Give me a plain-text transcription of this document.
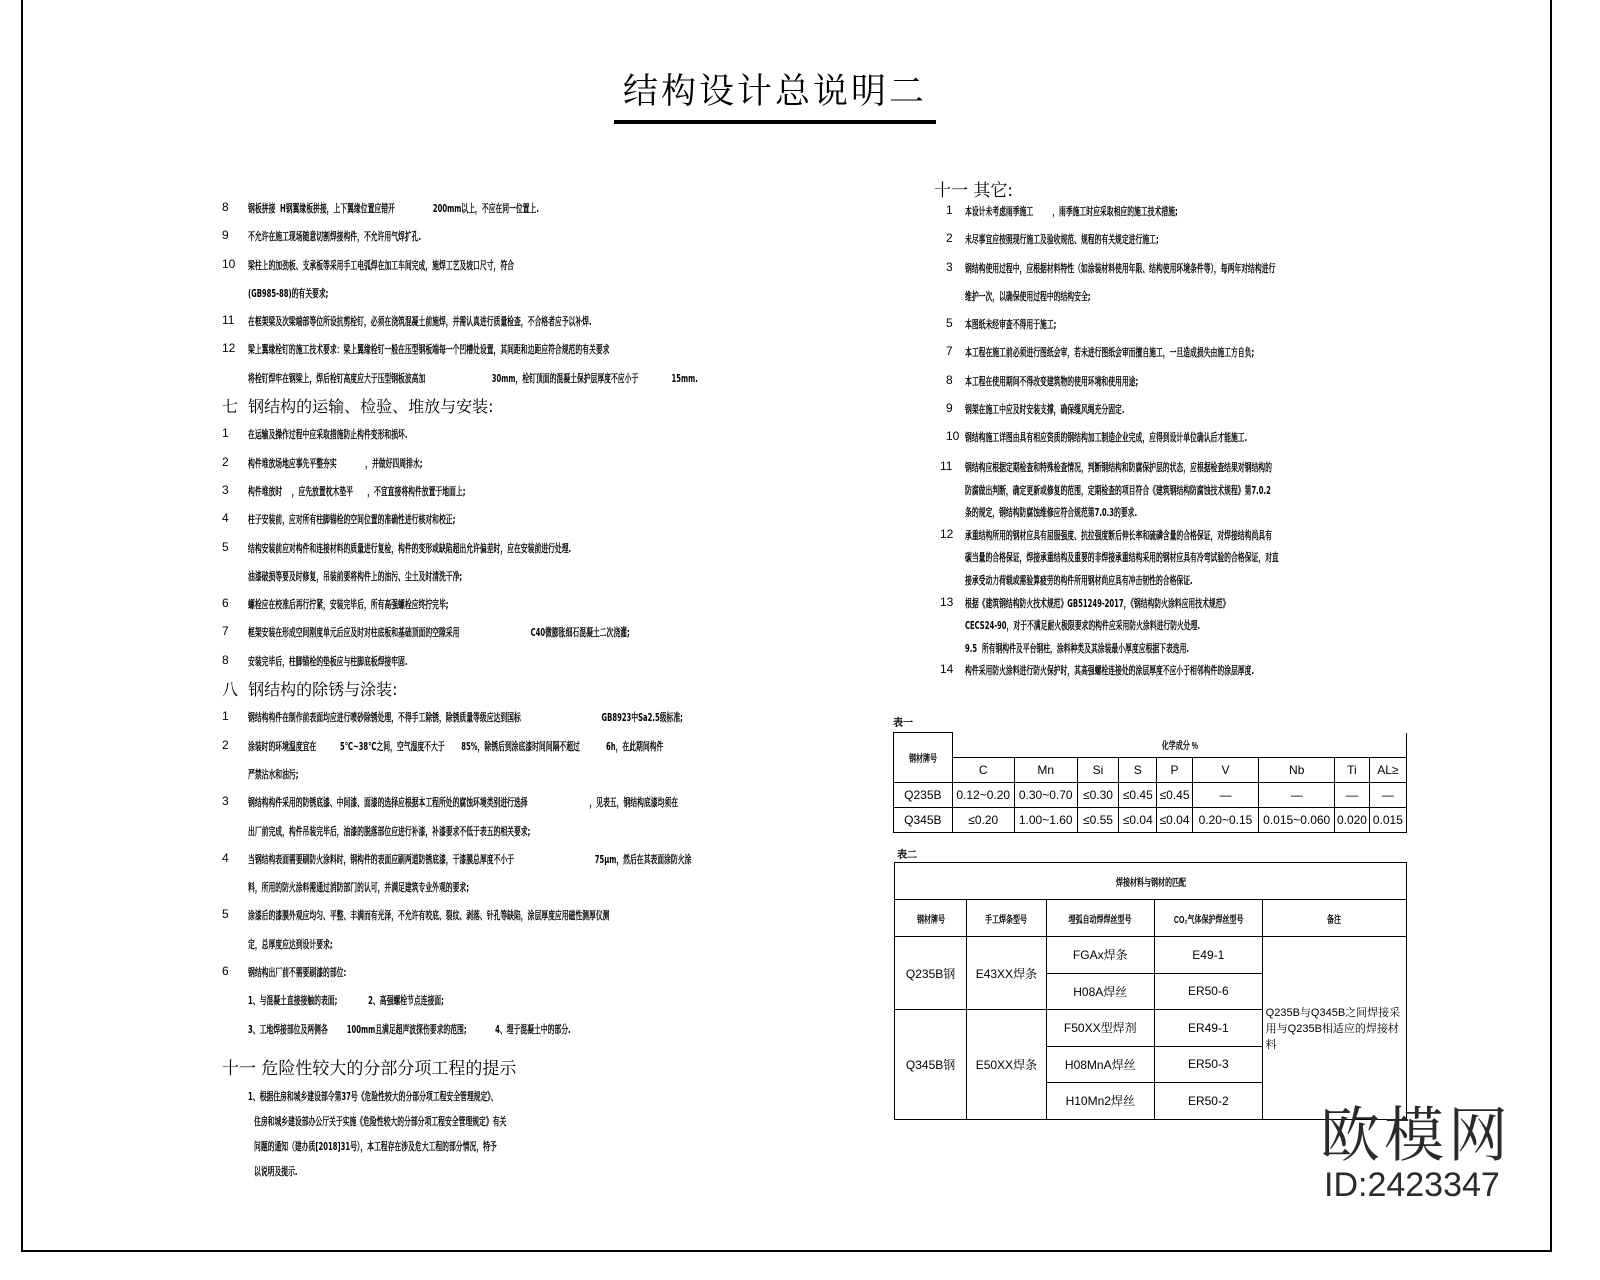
结构设计总说明二
8 钢板拼接  H钢翼缘板拼接，上下翼缘位置应错开                200mm以上，不应在同一位置上.
9 不允许在施工现场随意切割焊接构件，不允许用气焊扩孔.
10 梁柱上的加劲板、支承板等采用手工电弧焊在加工车间完成，施焊工艺及坡口尺寸，符合
(GB985-88)的有关要求;
11 在框架梁及次梁端部等位所设抗剪栓钉，必须在浇筑混凝土前施焊，并需认真进行质量检查，不合格者应予以补焊.
12 梁上翼缘栓钉的施工技术要求：梁上翼缘栓钉一般在压型钢板端每一个凹槽处设置，其间距和边距应符合规范的有关要求
将栓钉焊牢在钢梁上，焊后栓钉高度应大于压型钢板波高加                            30mm，栓钉顶面的混凝土保护层厚度不应小于              15mm.
七  钢结构的运输、检验、堆放与安装:
1 在运输及操作过程中应采取措施防止构件变形和损坏.
2 构件堆放场地应事先平整夯实            ，并做好四周排水;
3 构件堆放时    ，应先放置枕木垫平      ，不宜直接将构件放置于地面上;
4 柱子安装前，应对所有柱脚锚栓的空间位置的准确性进行核对和校正;
5 结构安装前应对构件和连接材料的质量进行复检，构件的变形或缺陷超出允许偏差时，应在安装前进行处理.
油漆破损等要及时修复，吊装前要将构件上的油污、尘土及时清洗干净;
6 螺栓应在校准后再行拧紧，安装完毕后，所有高强螺栓应终拧完毕;
7 框架安装在形成空间刚度单元后应及时对柱底板和基础顶面的空隙采用                              C40微膨胀细石混凝土二次浇灌;
8 安装完毕后，柱脚锚栓的垫板应与柱脚底板焊接牢固.
八  钢结构的除锈与涂装:
1 钢结构构件在制作前表面均应进行喷砂除锈处理，不得手工除锈，除锈质量等级应达到国标                                  GB8923中Sa2.5级标准;
2 涂装时的环境温度宜在          5℃~38℃之间，空气湿度不大于       85%，除锈后到涂底漆时间间隔不超过           6h，在此期间构件
严禁沾水和油污;
3 钢结构构件采用的防锈底漆、中间漆、面漆的选择应根据本工程所处的腐蚀环境类别进行选择                          ，见表五，钢结构底漆均须在
出厂前完成，构件吊装完毕后，油漆的脱落部位应进行补漆，补漆要求不低于表五的相关要求;
4 当钢结构表面需要刷防火涂料时，钢构件的表面应刷两道防锈底漆，干漆膜总厚度不小于                                  75μm，然后在其表面涂防火涂
料，所用的防火涂料需通过消防部门的认可，并满足建筑专业外观的要求;
5 涂漆后的漆膜外观应均匀、平整、丰满而有光泽，不允许有咬底、裂纹、剥落、针孔等缺陷，涂层厚度应用磁性测厚仪测
定，总厚度应达到设计要求;
6 钢结构出厂前不需要刷漆的部位:
1、与混凝土直接接触的表面;             2、高强螺栓节点连接面;
3、工地焊接部位及两侧各        100mm且满足超声波探伤要求的范围;            4、埋于混凝土中的部分.
十一 危险性较大的分部分项工程的提示
1、根据住房和城乡建设部令第37号《危险性较大的分部分项工程安全管理规定》、
住房和城乡建设部办公厅关于实施《危险性较大的分部分项工程安全管理规定》有关
问题的通知（建办质[2018]31号），本工程存在涉及危大工程的部分情况，特予
以说明及提示.
十一 其它:
1 本设计未考虑雨季施工        ，雨季施工时应采取相应的施工技术措施;
2 未尽事宜应按照现行施工及验收规范、规程的有关规定进行施工;
3 钢结构使用过程中，应根据材料特性（如涂装材料使用年限、结构使用环境条件等），每两年对结构进行
维护一次，以确保使用过程中的结构安全;
5 本图纸未经审查不得用于施工;
7 本工程在施工前必须进行图纸会审，若未进行图纸会审而擅自施工，一旦造成损失由施工方自负;
8 本工程在使用期间不得改变建筑物的使用环境和使用用途;
9 钢架在施工中应及时安装支撑，确保缆风绳充分固定.
10 钢结构施工详图由具有相应资质的钢结构加工制造企业完成，应得到设计单位确认后才能施工.
11 钢结构应根据定期检查和特殊检查情况，判断钢结构和防腐保护层的状态，应根据检查结果对钢结构的
防腐做出判断，确定更新或修复的范围，定期检查的项目符合《建筑钢结构防腐蚀技术规程》第7.0.2
条的规定，钢结构防腐蚀维修应符合规范第7.0.3的要求.
12 承重结构所用的钢材应具有屈服强度、抗拉强度断后伸长率和硫磷含量的合格保证，对焊接结构尚具有
碳当量的合格保证，焊接承重结构及重要的非焊接承重结构采用的钢材应具有冷弯试验的合格保证，对直
接承受动力荷载或需验算疲劳的构件所用钢材尚应具有冲击韧性的合格保证.
13 根据《建筑钢结构防火技术规范》GB51249-2017，《钢结构防火涂料应用技术规范》
CECS24-90，对于不满足耐火极限要求的构件应采用防火涂料进行防火处理.
9.5  所有钢构件及平台钢柱，涂料种类及其涂装最小厚度应根据下表选用.
14 构件采用防火涂料进行防火保护时，其高强螺栓连接处的涂层厚度不应小于相邻构件的涂层厚度.
表一
钢材牌号	化学成分 %								
	C	Mn	Si	S	P	V	Nb	Ti	AL≥
Q235B	0.12~0.20	0.30~0.70	≤0.30	≤0.45	≤0.45	—	—	—	—
Q345B	≤0.20	1.00~1.60	≤0.55	≤0.04	≤0.04	0.20~0.15	0.015~0.060	0.020	0.015
表二
焊接材料与钢材的匹配				
钢材牌号	手工焊条型号	埋弧自动焊焊丝型号	CO₂气体保护焊丝型号	备注
Q235B钢	E43XX焊条	FGAx焊条	E49-1	Q235B与Q345B之间焊接采用与Q235B相适应的焊接材料
		H08A焊丝	ER50-6	
Q345B钢	E50XX焊条	F50XX型焊剂	ER49-1	
		H08MnA焊丝	ER50-3	
		H10Mn2焊丝	ER50-2	
欧模网
ID:2423347
